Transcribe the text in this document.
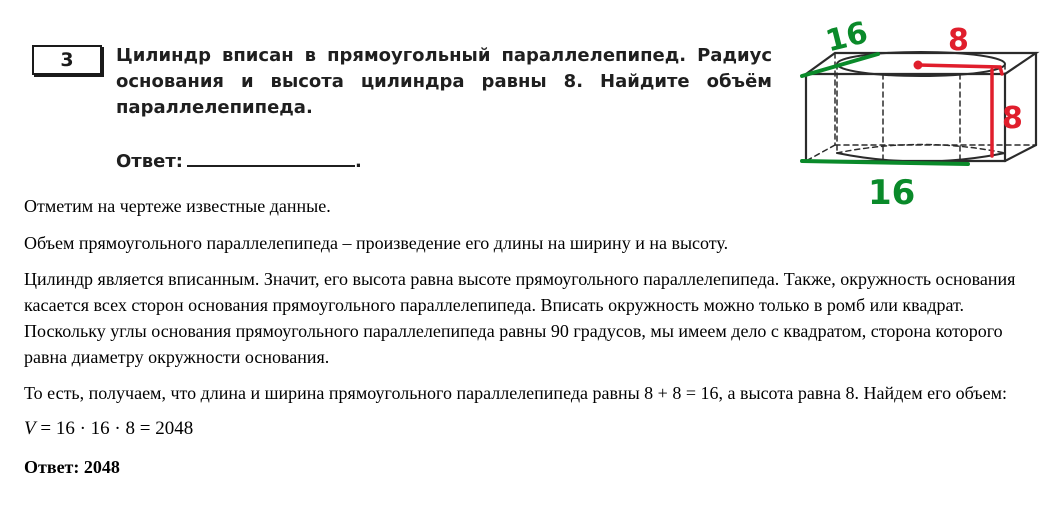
3	Цилиндр вписан в прямоугольный параллелепипед. Радиус
основания и высота цилиндра равны 8. Найдите объём
параллелепипеда.
Ответ:	.
16	8
8
16

Отметим на чертеже известные данные.

Объем прямоугольного параллелепипеда – произведение его длины на ширину и на высоту.

Цилиндр является вписанным. Значит, его высота равна высоте прямоугольного параллелепипеда. Также, окружность основания касается всех сторон основания прямоугольного параллелепипеда. Вписать окружность можно только в ромб или квадрат. Поскольку углы основания прямоугольного параллелепипеда равны 90 градусов, мы имеем дело с квадратом, сторона которого равна диаметру окружности основания.

То есть, получаем, что длина и ширина прямоугольного параллелепипеда равны 8 + 8 = 16, а высота равна 8. Найдем его объем:

V = 16 · 16 · 8 = 2048
Ответ: 2048
